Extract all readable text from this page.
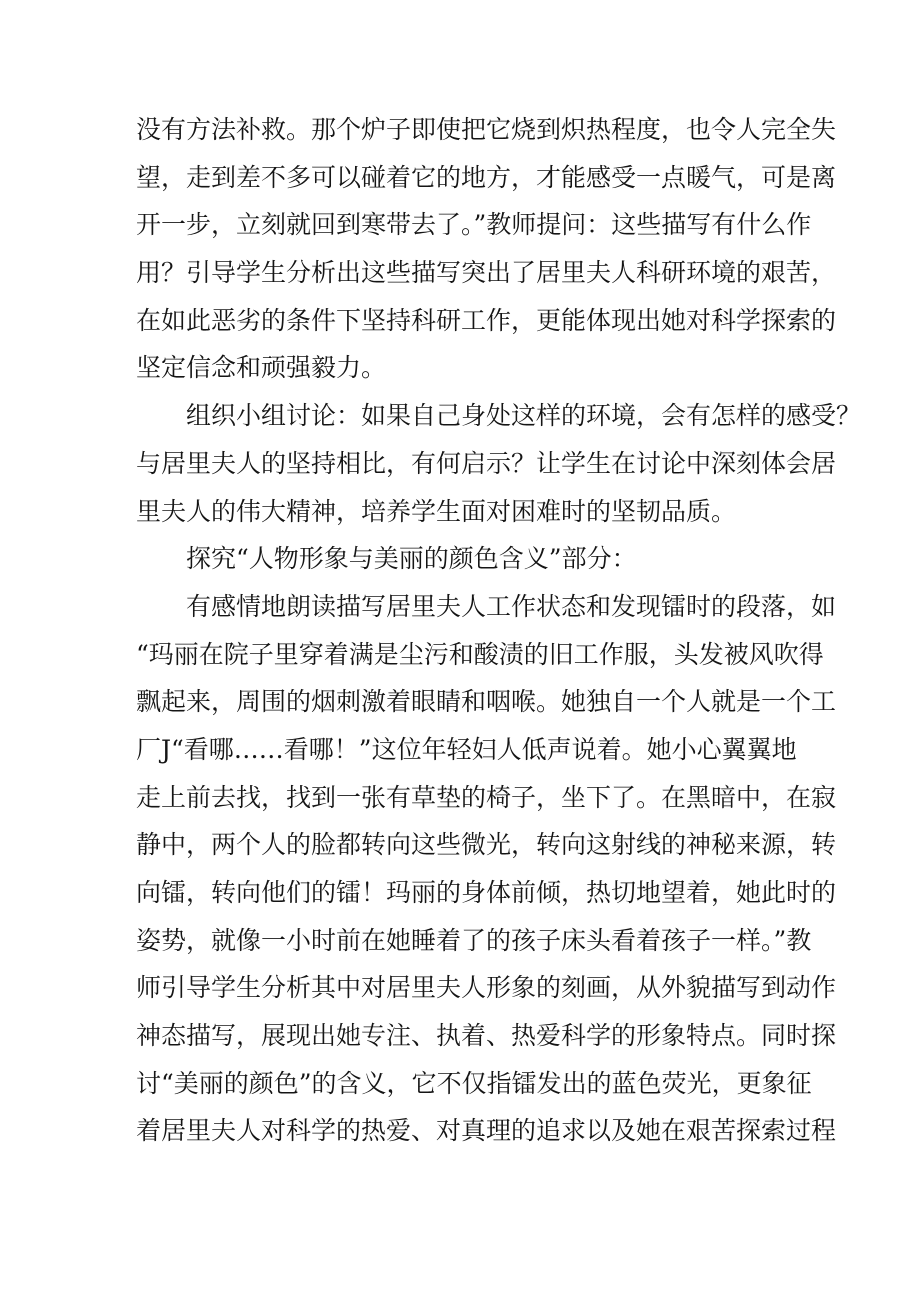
没有方法补救。那个炉子即使把它烧到炽热程度，也令人完全失
望，走到差不多可以碰着它的地方，才能感受一点暖气，可是离
开一步，立刻就回到寒带去了。”教师提问：这些描写有什么作
用？引导学生分析出这些描写突出了居里夫人科研环境的艰苦，
在如此恶劣的条件下坚持科研工作，更能体现出她对科学探索的
坚定信念和顽强毅力。
组织小组讨论：如果自己身处这样的环境，会有怎样的感受？
与居里夫人的坚持相比，有何启示？让学生在讨论中深刻体会居
里夫人的伟大精神，培养学生面对困难时的坚韧品质。
探究“人物形象与美丽的颜色含义”部分：
有感情地朗读描写居里夫人工作状态和发现镭时的段落，如
“玛丽在院子里穿着满是尘污和酸渍的旧工作服，头发被风吹得
飘起来，周围的烟刺激着眼睛和咽喉。她独自一个人就是一个工
厂J“看哪……看哪！”这位年轻妇人低声说着。她小心翼翼地
走上前去找，找到一张有草垫的椅子，坐下了。在黑暗中，在寂
静中，两个人的脸都转向这些微光，转向这射线的神秘来源，转
向镭，转向他们的镭！玛丽的身体前倾，热切地望着，她此时的
姿势，就像一小时前在她睡着了的孩子床头看着孩子一样。”教
师引导学生分析其中对居里夫人形象的刻画，从外貌描写到动作
神态描写，展现出她专注、执着、热爱科学的形象特点。同时探
讨“美丽的颜色”的含义，它不仅指镭发出的蓝色荧光，更象征
着居里夫人对科学的热爱、对真理的追求以及她在艰苦探索过程
